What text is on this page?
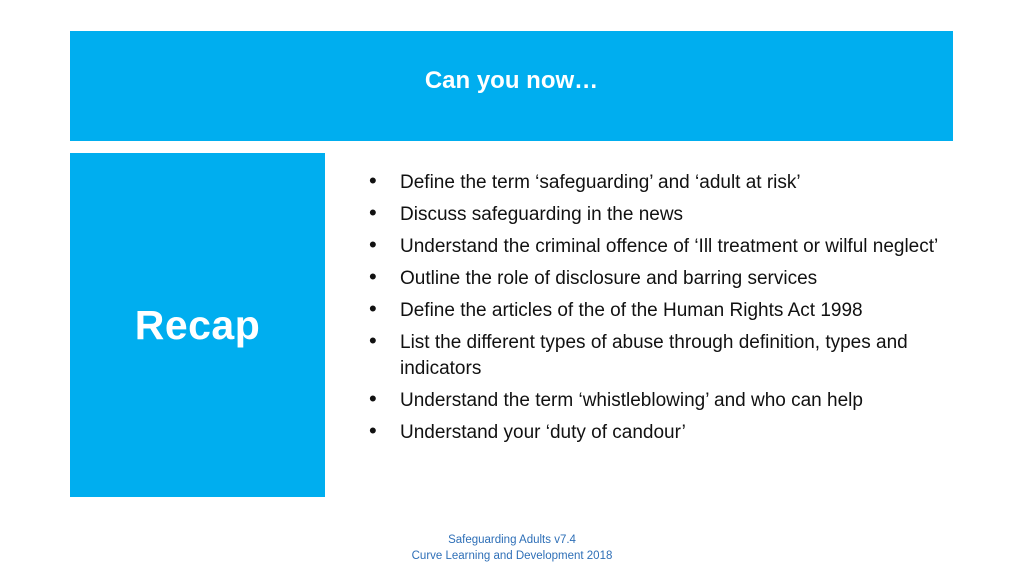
Can you now…
Recap
• Define the term ‘safeguarding’ and ‘adult at risk’
• Discuss safeguarding in the news
• Understand the criminal offence of ‘Ill treatment or wilful neglect’
• Outline the role of disclosure and barring services
• Define the articles of the of the Human Rights Act 1998
• List the different types of abuse through definition, types and indicators
• Understand the term ‘whistleblowing’ and who can help
• Understand your ‘duty of candour’
Safeguarding Adults v7.4
Curve Learning and Development 2018
